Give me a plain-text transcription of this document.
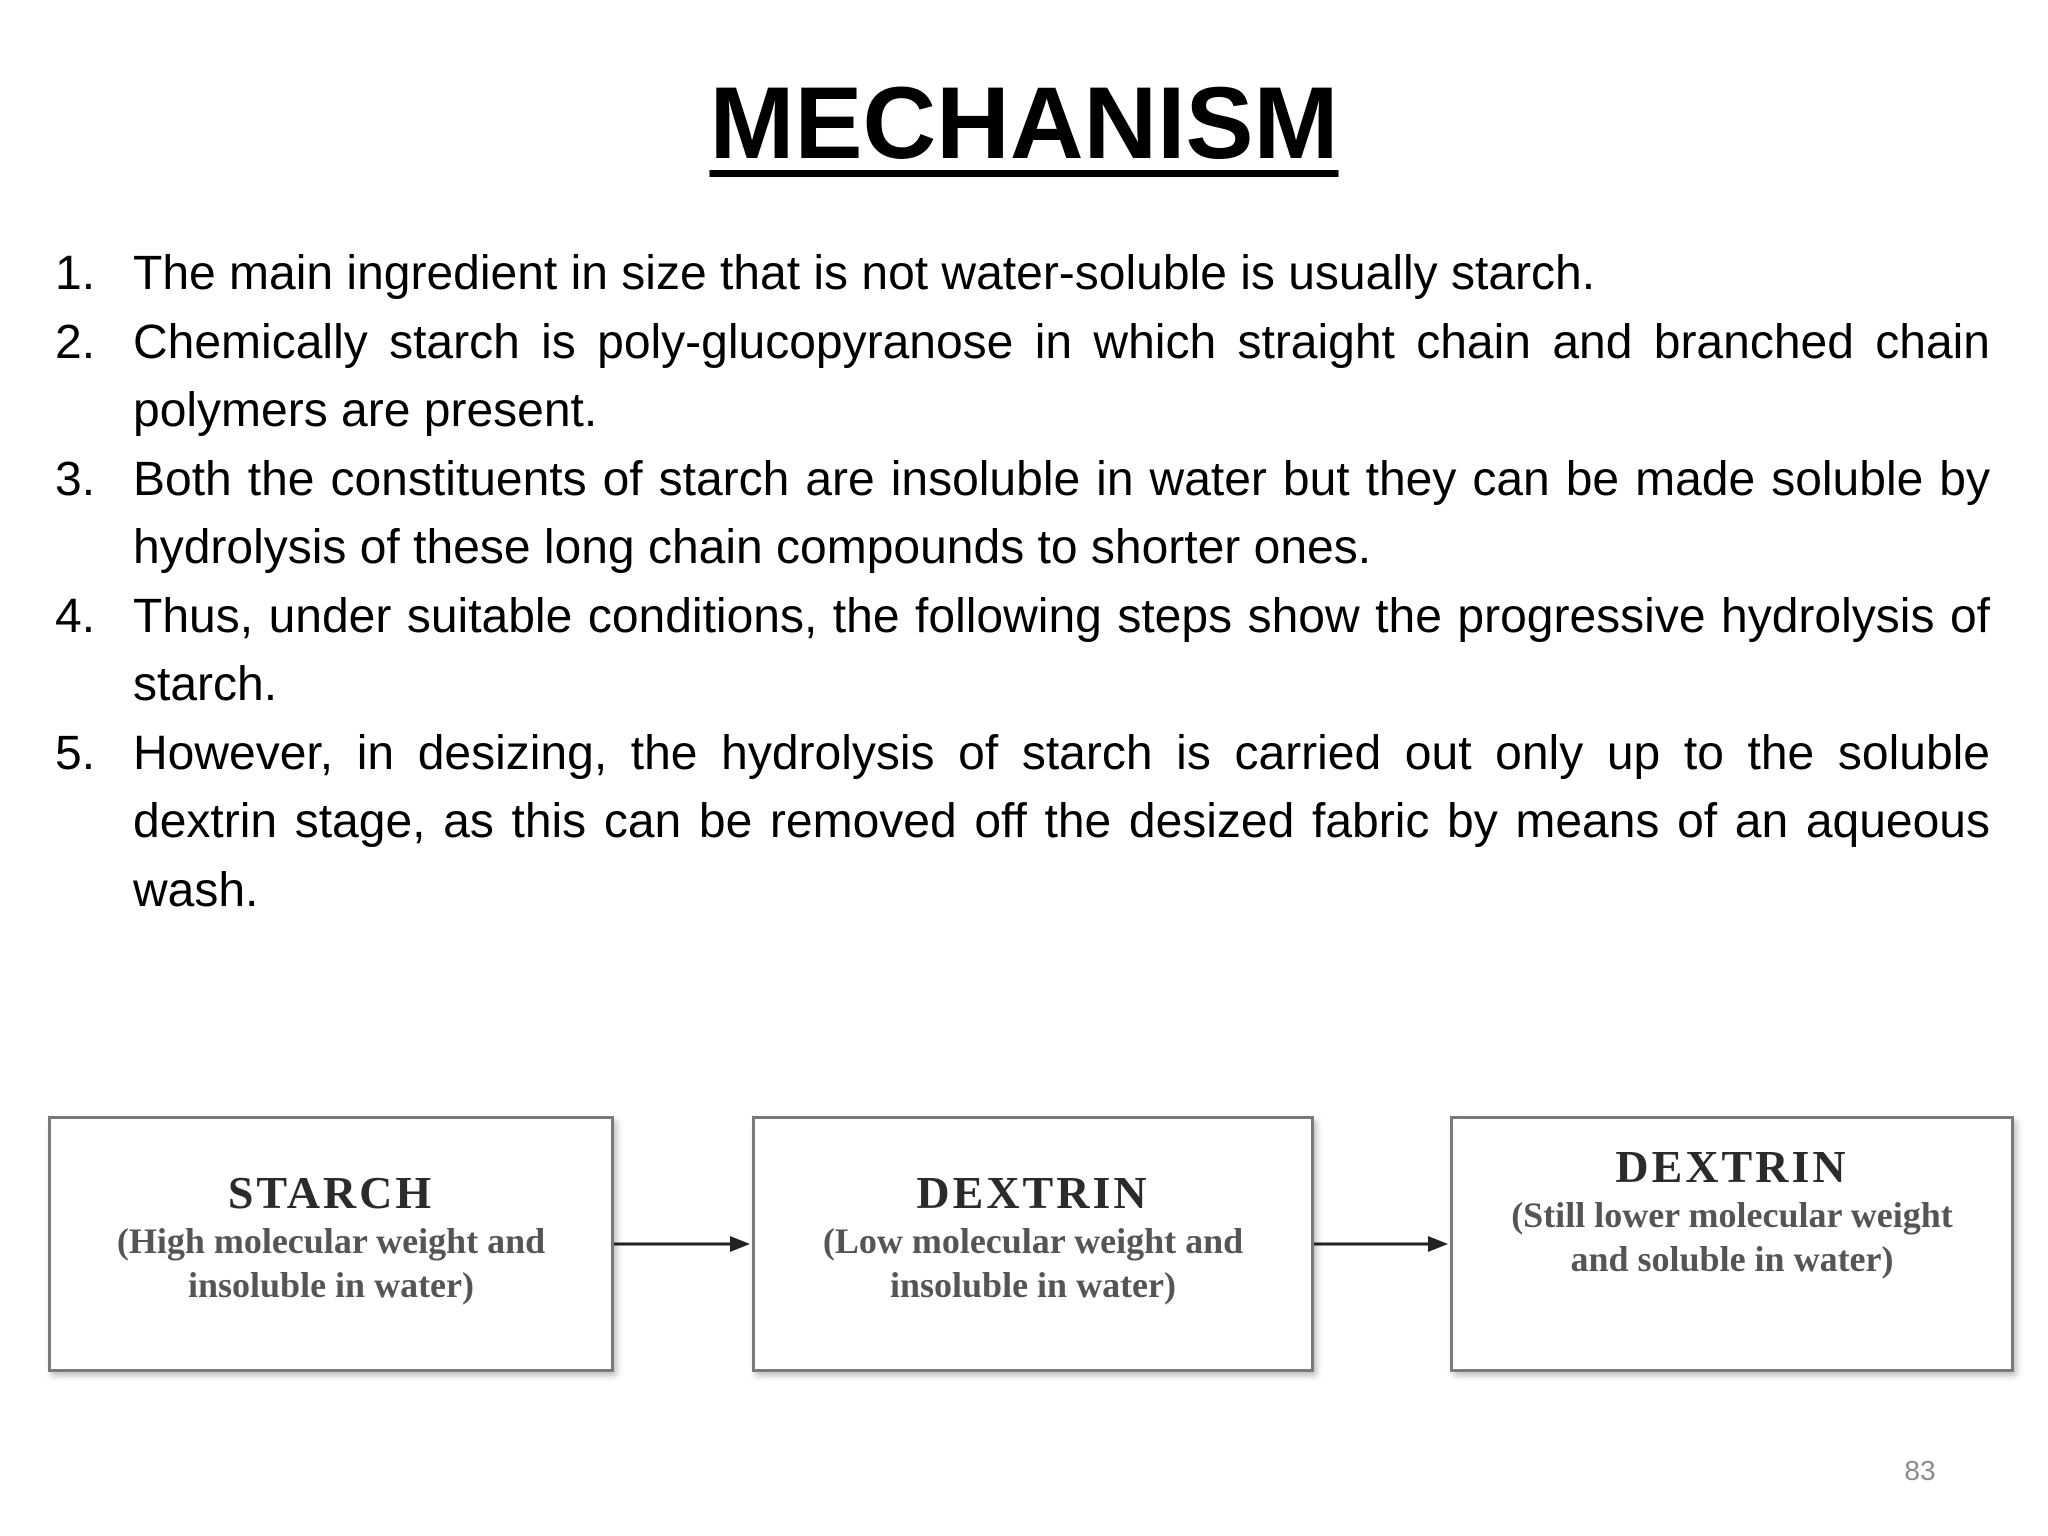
MECHANISM
1. The main ingredient in size that is not water-soluble is usually starch.
2. Chemically starch is poly-glucopyranose in which straight chain and branched chain polymers are present.
3. Both the constituents of starch are insoluble in water but they can be made soluble by hydrolysis of these long chain compounds to shorter ones.
4. Thus, under suitable conditions, the following steps show the progressive hydrolysis of starch.
5. However, in desizing, the hydrolysis of starch is carried out only up to the soluble dextrin stage, as this can be removed off the desized fabric by means of an aqueous wash.
STARCH
(High molecular weight and insoluble in water)
DEXTRIN
(Low molecular weight and insoluble in water)
DEXTRIN
(Still lower molecular weight and soluble in water)
83
